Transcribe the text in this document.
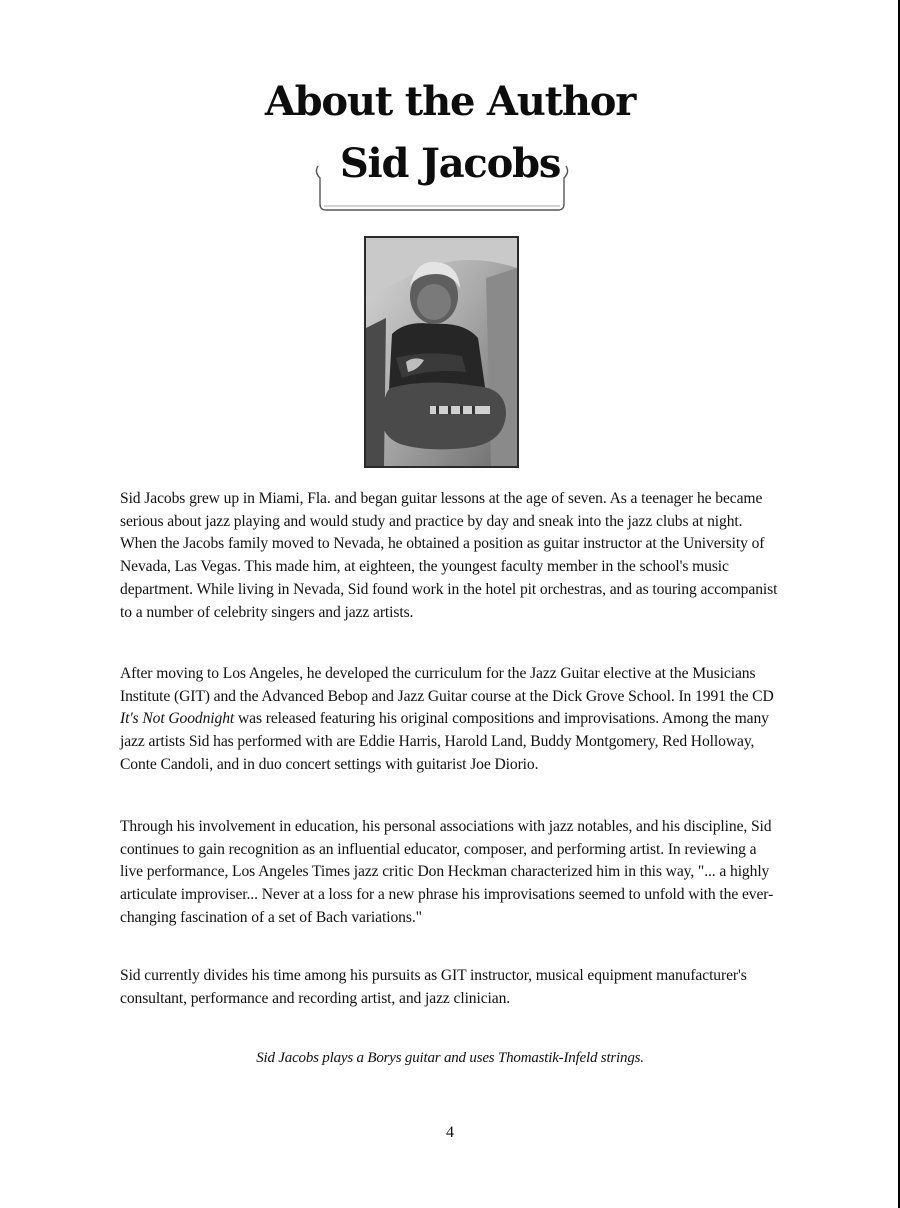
About the Author
Sid Jacobs

Sid Jacobs grew up in Miami, Fla. and began guitar lessons at the age of seven. As a teenager he became serious about jazz playing and would study and practice by day and sneak into the jazz clubs at night. When the Jacobs family moved to Nevada, he obtained a position as guitar instructor at the University of Nevada, Las Vegas. This made him, at eighteen, the youngest faculty member in the school's music department. While living in Nevada, Sid found work in the hotel pit orchestras, and as touring accompanist to a number of celebrity singers and jazz artists.

After moving to Los Angeles, he developed the curriculum for the Jazz Guitar elective at the Musicians Institute (GIT) and the Advanced Bebop and Jazz Guitar course at the Dick Grove School. In 1991 the CD It's Not Goodnight was released featuring his original compositions and improvisations. Among the many jazz artists Sid has performed with are Eddie Harris, Harold Land, Buddy Montgomery, Red Holloway, Conte Candoli, and in duo concert settings with guitarist Joe Diorio.

Through his involvement in education, his personal associations with jazz notables, and his discipline, Sid continues to gain recognition as an influential educator, composer, and performing artist. In reviewing a live performance, Los Angeles Times jazz critic Don Heckman characterized him in this way, "... a highly articulate improviser... Never at a loss for a new phrase his improvisations seemed to unfold with the ever-changing fascination of a set of Bach variations."

Sid currently divides his time among his pursuits as GIT instructor, musical equipment manufacturer's consultant, performance and recording artist, and jazz clinician.

Sid Jacobs plays a Borys guitar and uses Thomastik-Infeld strings.
4
